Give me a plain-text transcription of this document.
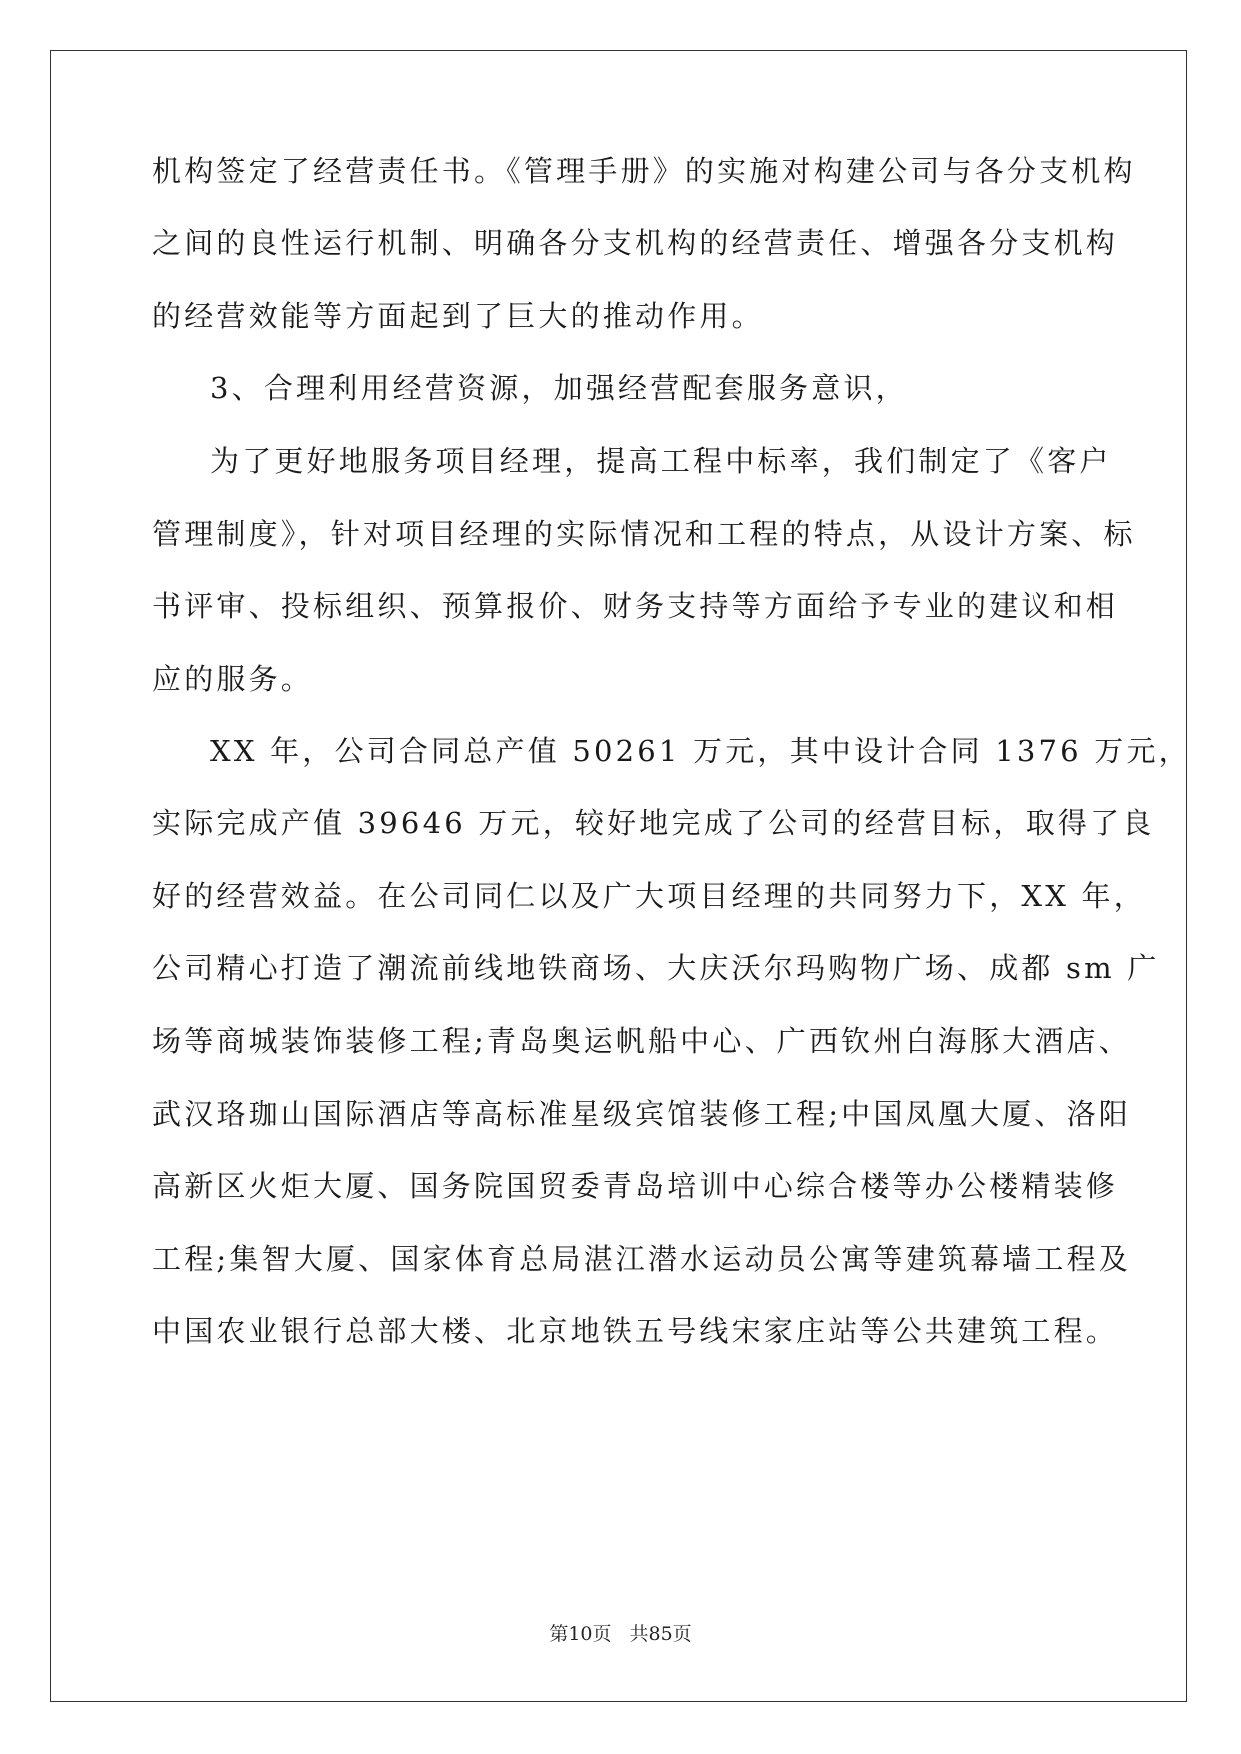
机构签定了经营责任书。《管理手册》的实施对构建公司与各分支机构
之间的良性运行机制、明确各分支机构的经营责任、增强各分支机构
的经营效能等方面起到了巨大的推动作用。
3、合理利用经营资源，加强经营配套服务意识，
为了更好地服务项目经理，提高工程中标率，我们制定了《客户
管理制度》，针对项目经理的实际情况和工程的特点，从设计方案、标
书评审、投标组织、预算报价、财务支持等方面给予专业的建议和相
应的服务。
XX 年，公司合同总产值 50261 万元，其中设计合同 1376 万元，
实际完成产值 39646 万元，较好地完成了公司的经营目标，取得了良
好的经营效益。在公司同仁以及广大项目经理的共同努力下，XX 年，
公司精心打造了潮流前线地铁商场、大庆沃尔玛购物广场、成都 sm 广
场等商城装饰装修工程;青岛奥运帆船中心、广西钦州白海豚大酒店、
武汉珞珈山国际酒店等高标准星级宾馆装修工程;中国凤凰大厦、洛阳
高新区火炬大厦、国务院国贸委青岛培训中心综合楼等办公楼精装修
工程;集智大厦、国家体育总局湛江潜水运动员公寓等建筑幕墙工程及
中国农业银行总部大楼、北京地铁五号线宋家庄站等公共建筑工程。
第10页 共85页
